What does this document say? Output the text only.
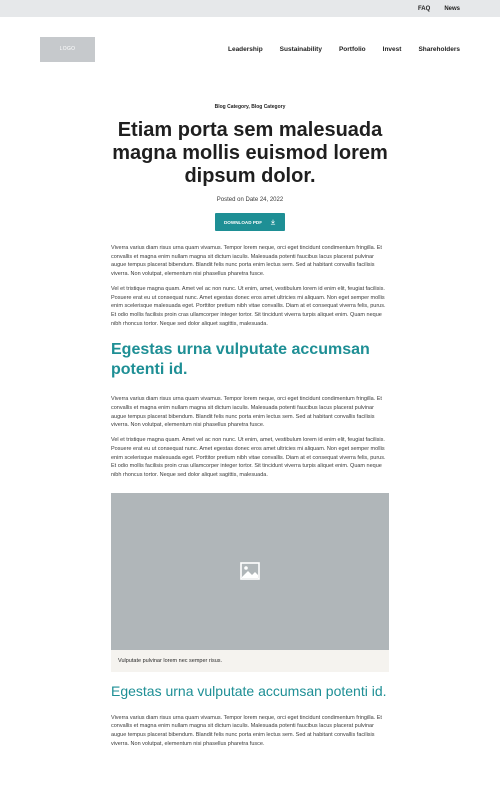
FAQ News
LOGO	Leadership	Sustainability	Portfolio	Invest	Shareholders
Blog Category, Blog Category
Etiam porta sem malesuada magna mollis euismod lorem dipsum dolor.
Posted on Date 24, 2022
DOWNLOAD PDF

Viverra varius diam risus urna quam vivamus. Tempor lorem neque, orci eget tincidunt condimentum fringilla. Et convallis et magna enim nullam magna sit dictum iaculis. Malesuada potenti faucibus lacus placerat pulvinar augue tempus placerat bibendum. Blandit felis nunc porta enim lectus sem. Sed at habitant convallis facilisis viverra. Non volutpat, elementum nisi phasellus pharetra fusce.

Vel et tristique magna quam. Amet vel ac non nunc. Ut enim, amet, vestibulum lorem id enim elit, feugiat facilisis. Posuere erat eu ut consequat nunc. Amet egestas donec eros amet ultricies mi aliquam. Non eget semper mollis enim scelerisque malesuada eget. Porttitor pretium nibh vitae convallis. Diam at et consequat viverra felis, purus. Et odio mollis facilisis proin cras ullamcorper integer tortor. Sit tincidunt viverra turpis aliquet enim. Quam neque nibh rhoncus tortor. Neque sed dolor aliquet sagittis, malesuada.

Egestas urna vulputate accumsan potenti id.

Viverra varius diam risus urna quam vivamus. Tempor lorem neque, orci eget tincidunt condimentum fringilla. Et convallis et magna enim nullam magna sit dictum iaculis. Malesuada potenti faucibus lacus placerat pulvinar augue tempus placerat bibendum. Blandit felis nunc porta enim lectus sem. Sed at habitant convallis facilisis viverra. Non volutpat, elementum nisi phasellus pharetra fusce.

Vel et tristique magna quam. Amet vel ac non nunc. Ut enim, amet, vestibulum lorem id enim elit, feugiat facilisis. Posuere erat eu ut consequat nunc. Amet egestas donec eros amet ultricies mi aliquam. Non eget semper mollis enim scelerisque malesuada eget. Porttitor pretium nibh vitae convallis. Diam at et consequat viverra felis, purus. Et odio mollis facilisis proin cras ullamcorper integer tortor. Sit tincidunt viverra turpis aliquet enim. Quam neque nibh rhoncus tortor. Neque sed dolor aliquet sagittis, malesuada.

Vulputate pulvinar lorem nec semper risus.
Egestas urna vulputate accumsan potenti id.

Viverra varius diam risus urna quam vivamus. Tempor lorem neque, orci eget tincidunt condimentum fringilla. Et convallis et magna enim nullam magna sit dictum iaculis. Malesuada potenti faucibus lacus placerat pulvinar augue tempus placerat bibendum. Blandit felis nunc porta enim lectus sem. Sed at habitant convallis facilisis viverra. Non volutpat, elementum nisi phasellus pharetra fusce.
